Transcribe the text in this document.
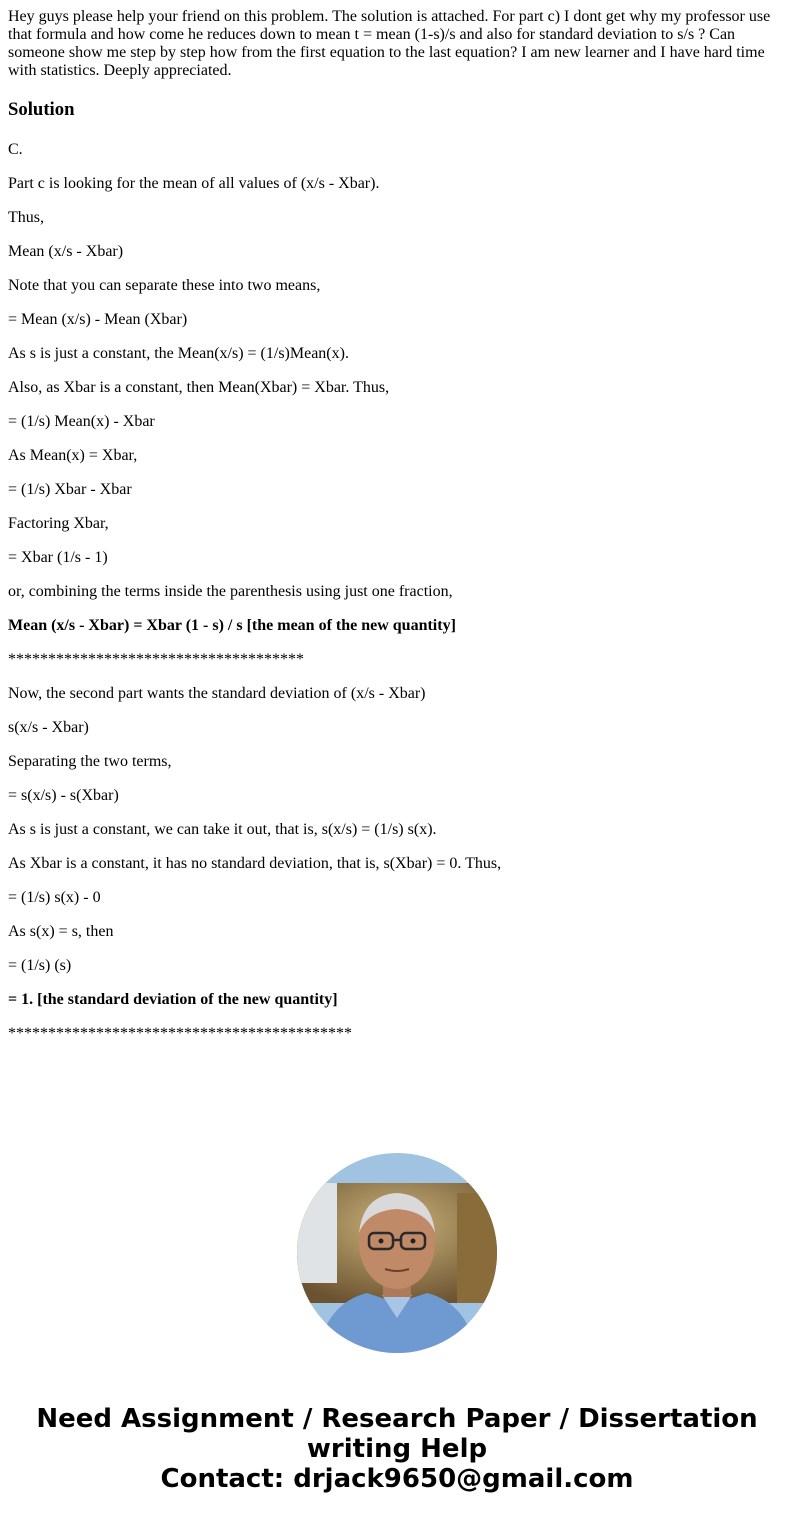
Hey guys please help your friend on this problem. The solution is attached. For part c) I dont get why my professor use that formula and how come he reduces down to mean t = mean (1-s)/s and also for standard deviation to s/s ? Can someone show me step by step how from the first equation to the last equation? I am new learner and I have hard time with statistics. Deeply appreciated.

Solution

C.

Part c is looking for the mean of all values of (x/s - Xbar).

Thus,

Mean (x/s - Xbar)

Note that you can separate these into two means,

= Mean (x/s) - Mean (Xbar)

As s is just a constant, the Mean(x/s) = (1/s)Mean(x).

Also, as Xbar is a constant, then Mean(Xbar) = Xbar. Thus,

= (1/s) Mean(x) - Xbar

As Mean(x) = Xbar,

= (1/s) Xbar - Xbar

Factoring Xbar,

= Xbar (1/s - 1)

or, combining the terms inside the parenthesis using just one fraction,

Mean (x/s - Xbar) = Xbar (1 - s) / s [the mean of the new quantity]

*************************************

Now, the second part wants the standard deviation of (x/s - Xbar)

s(x/s - Xbar)

Separating the two terms,

= s(x/s) - s(Xbar)

As s is just a constant, we can take it out, that is, s(x/s) = (1/s) s(x).

As Xbar is a constant, it has no standard deviation, that is, s(Xbar) = 0. Thus,

= (1/s) s(x) - 0

As s(x) = s, then

= (1/s) (s)

= 1. [the standard deviation of the new quantity]

*******************************************

Need Assignment / Research Paper / Dissertation
writing Help
Contact: drjack9650@gmail.com
